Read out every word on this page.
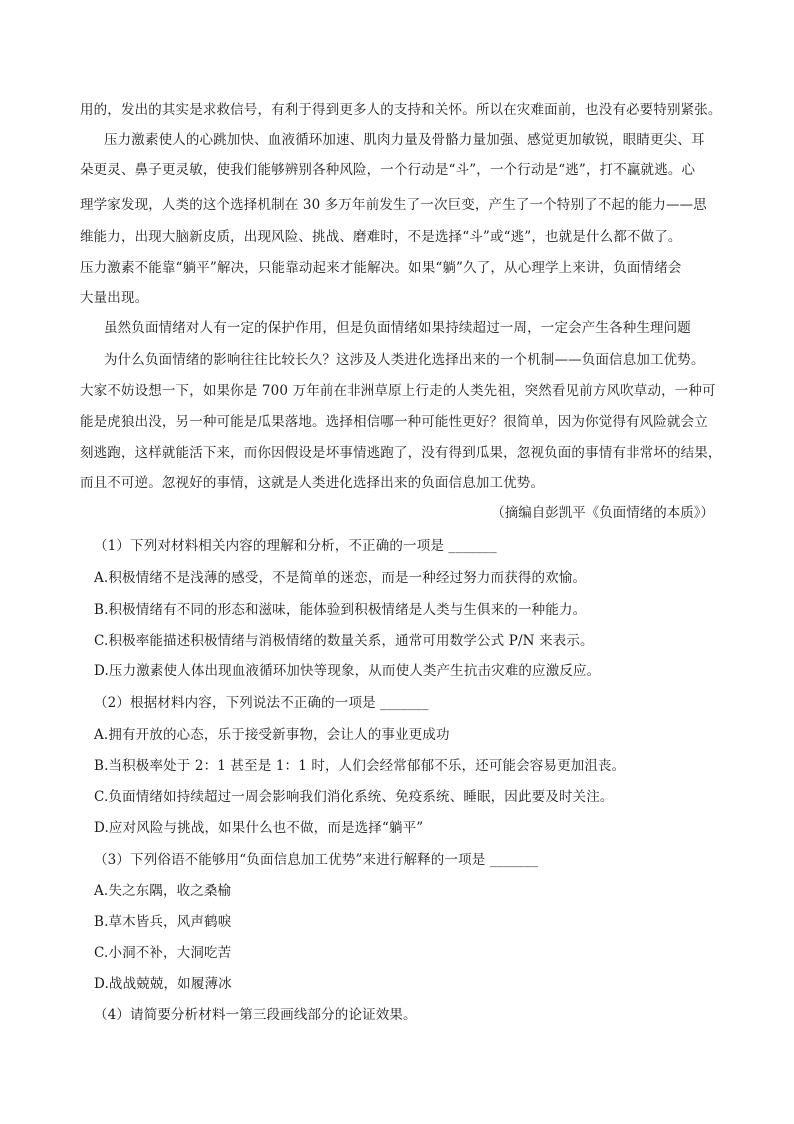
用的，发出的其实是求救信号，有利于得到更多人的支持和关怀。所以在灾难面前，也没有必要特别紧张。
压力激素使人的心跳加快、血液循环加速、肌肉力量及骨骼力量加强、感觉更加敏锐，眼睛更尖、耳
朵更灵、鼻子更灵敏，使我们能够辨别各种风险，一个行动是“斗”，一个行动是“逃”，打不赢就逃。心
理学家发现，人类的这个选择机制在 30 多万年前发生了一次巨变，产生了一个特别了不起的能力——思
维能力，出现大脑新皮质，出现风险、挑战、磨难时，不是选择“斗”或“逃”，也就是什么都不做了。
压力激素不能靠“躺平”解决，只能靠动起来才能解决。如果“躺”久了，从心理学上来讲，负面情绪会
大量出现。
虽然负面情绪对人有一定的保护作用，但是负面情绪如果持续超过一周，一定会产生各种生理问题
为什么负面情绪的影响往往比较长久？这涉及人类进化选择出来的一个机制——负面信息加工优势。
大家不妨设想一下，如果你是 700 万年前在非洲草原上行走的人类先祖，突然看见前方风吹草动，一种可
能是虎狼出没，另一种可能是瓜果落地。选择相信哪一种可能性更好？很简单，因为你觉得有风险就会立
刻逃跑，这样就能活下来，而你因假设是坏事情逃跑了，没有得到瓜果，忽视负面的事情有非常坏的结果，
而且不可逆。忽视好的事情，这就是人类进化选择出来的负面信息加工优势。
（摘编自彭凯平《负面情绪的本质》）
（1）下列对材料相关内容的理解和分析，不正确的一项是 _______
A.积极情绪不是浅薄的感受，不是简单的迷恋，而是一种经过努力而获得的欢愉。
B.积极情绪有不同的形态和滋味，能体验到积极情绪是人类与生俱来的一种能力。
C.积极率能描述积极情绪与消极情绪的数量关系，通常可用数学公式 P/N 来表示。
D.压力激素使人体出现血液循环加快等现象，从而使人类产生抗击灾难的应激反应。
（2）根据材料内容，下列说法不正确的一项是 _______
A.拥有开放的心态，乐于接受新事物，会让人的事业更成功
B.当积极率处于 2：1 甚至是 1：1 时，人们会经常郁郁不乐，还可能会容易更加沮丧。
C.负面情绪如持续超过一周会影响我们消化系统、免疫系统、睡眠，因此要及时关注。
D.应对风险与挑战，如果什么也不做，而是选择“躺平”
（3）下列俗语不能够用“负面信息加工优势”来进行解释的一项是 _______
A.失之东隅，收之桑榆
B.草木皆兵，风声鹤唳
C.小洞不补，大洞吃苦
D.战战兢兢，如履薄冰
（4）请简要分析材料一第三段画线部分的论证效果。
